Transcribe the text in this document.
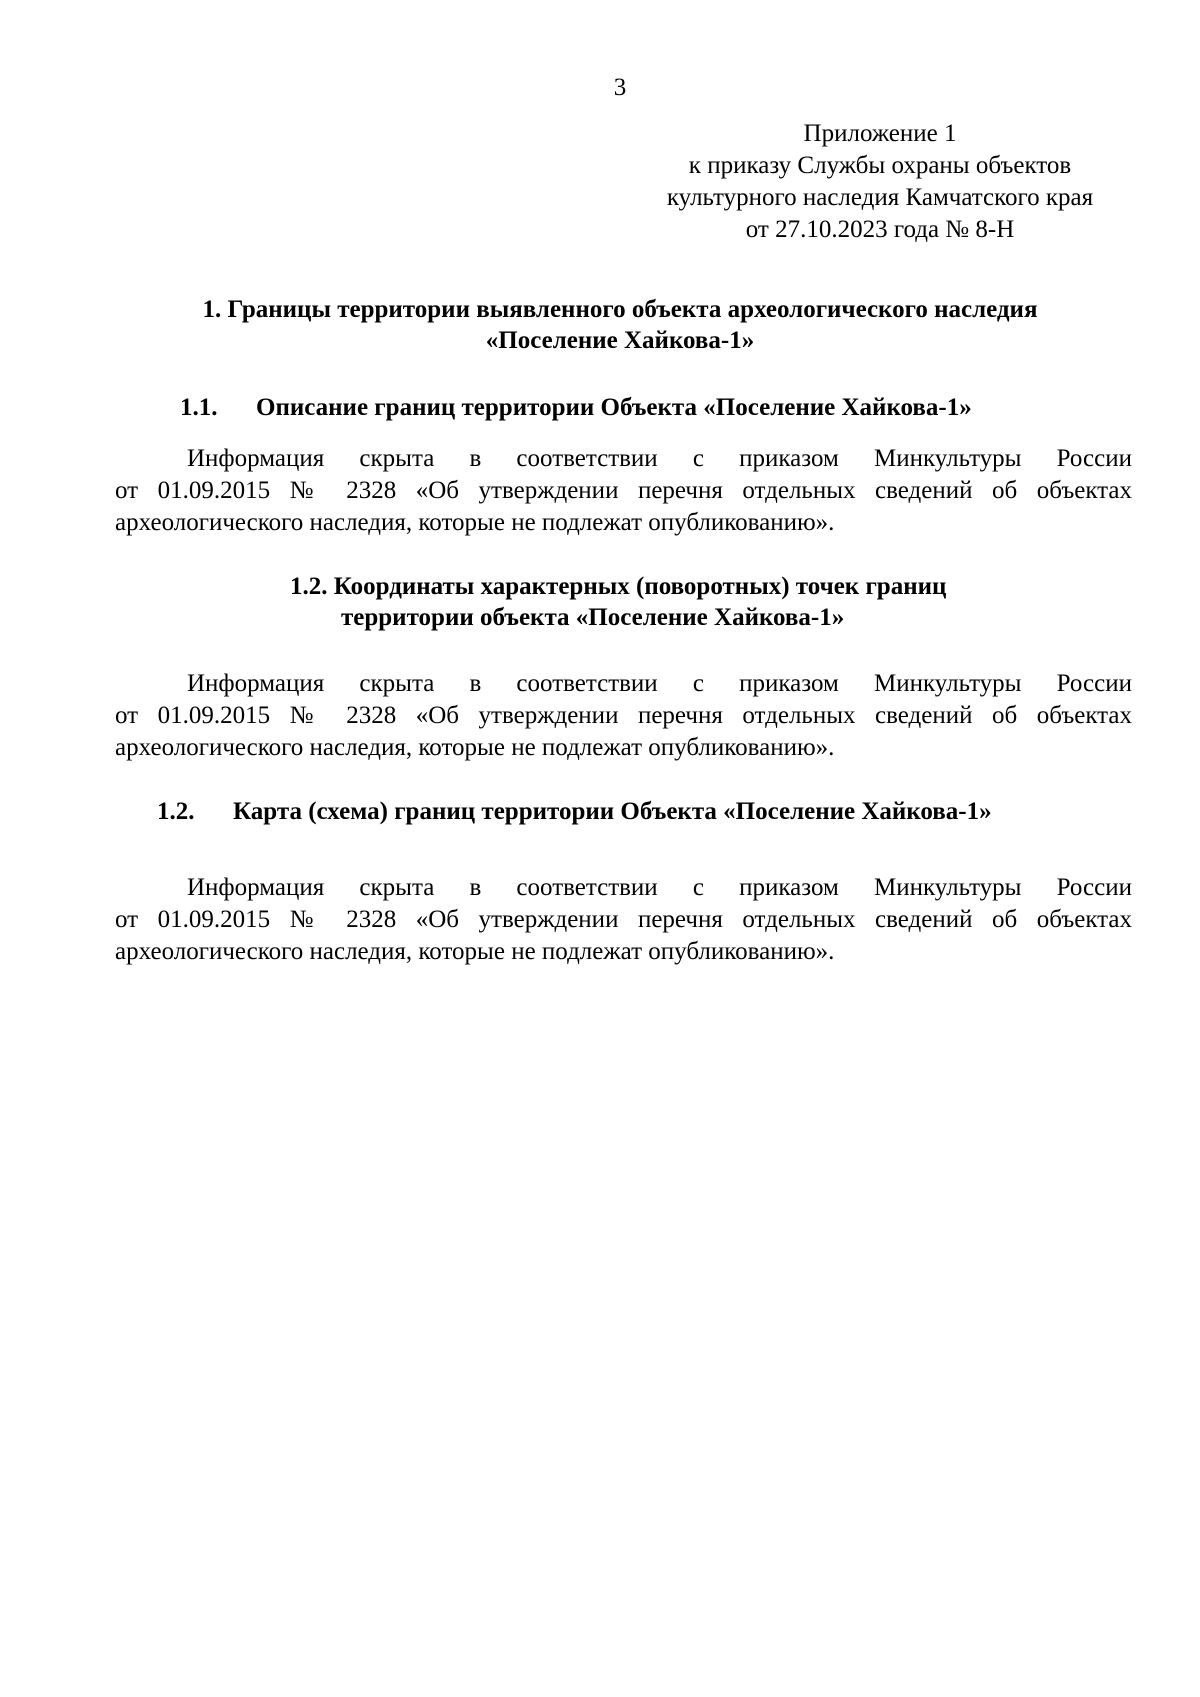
3
Приложение 1
к приказу Службы охраны объектов
культурного наследия Камчатского края
от 27.10.2023 года № 8-Н
1. Границы территории выявленного объекта археологического наследия
«Поселение Хайкова-1»
1.1. Описание границ территории Объекта «Поселение Хайкова-1»
Информация скрыта в соответствии с приказом Минкультуры России
от 01.09.2015 № 2328 «Об утверждении перечня отдельных сведений об объектах
археологического наследия, которые не подлежат опубликованию».
1.2. Координаты характерных (поворотных) точек границ
территории объекта «Поселение Хайкова-1»
Информация скрыта в соответствии с приказом Минкультуры России
от 01.09.2015 № 2328 «Об утверждении перечня отдельных сведений об объектах
археологического наследия, которые не подлежат опубликованию».
1.2. Карта (схема) границ территории Объекта «Поселение Хайкова-1»
Информация скрыта в соответствии с приказом Минкультуры России
от 01.09.2015 № 2328 «Об утверждении перечня отдельных сведений об объектах
археологического наследия, которые не подлежат опубликованию».
